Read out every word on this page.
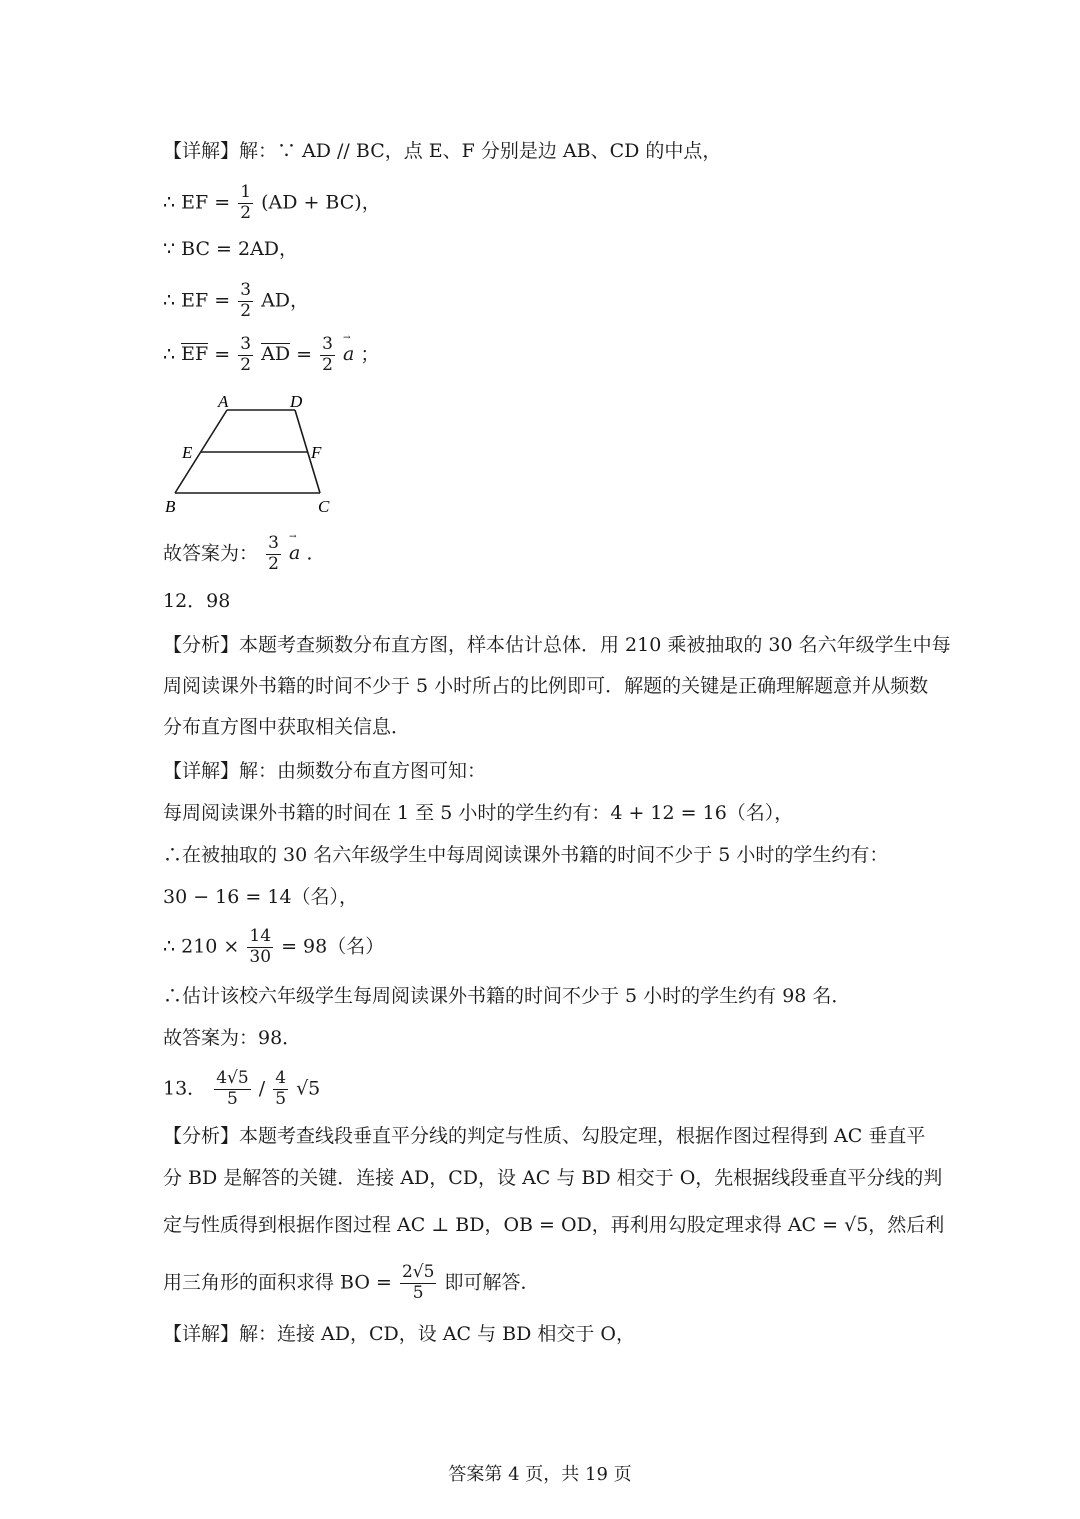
【详解】解：∵ AD // BC，点 E、F 分别是边 AB、CD 的中点，
∴ EF = $\frac{1}{2} (AD + BC)$，
∵ BC = 2AD，
∴ EF = $\frac{3}{2}$ AD，
∴ EF = $\frac{3}{2}$ AD = $\frac{3}{2}$
→ a ；
A	D
E	F
B	C
故答案为： $\frac{3}{2}$
→ a .
12．98
【分析】本题考查频数分布直方图，样本估计总体．用 210 乘被抽取的 30 名六年级学生中每
周阅读课外书籍的时间不少于 5 小时所占的比例即可．解题的关键是正确理解题意并从频数
分布直方图中获取相关信息．
【详解】解：由频数分布直方图可知：
每周阅读课外书籍的时间在 1 至 5 小时的学生约有：4 + 12 = 16（名），
∴在被抽取的 30 名六年级学生中每周阅读课外书籍的时间不少于 5 小时的学生约有：
30 − 16 = 14（名），
∴ $210 \times \frac{14}{30} = 98$（名）
∴估计该校六年级学生每周阅读课外书籍的时间不少于 5 小时的学生约有 98 名．
故答案为：98．
13． $\frac{4√5}{5} / \frac{4}{5} √5$
【分析】本题考查线段垂直平分线的判定与性质、勾股定理，根据作图过程得到 AC 垂直平
分 BD 是解答的关键．连接 AD，CD，设 AC 与 BD 相交于 O，先根据线段垂直平分线的判
定与性质得到根据作图过程 AC ⊥ BD，OB = OD，再利用勾股定理求得 AC = √5，然后利
用三角形的面积求得 BO = $\frac{2√5}{5}$ 即可解答．
【详解】解：连接 AD，CD，设 AC 与 BD 相交于 O，
答案第 4 页，共 19 页
